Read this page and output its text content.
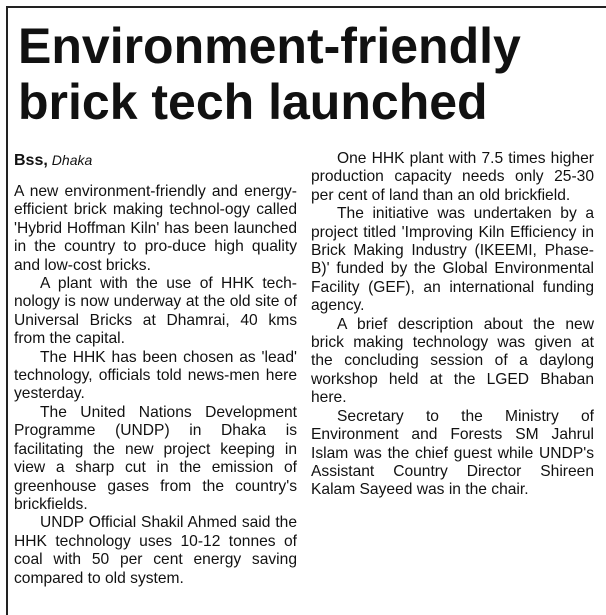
Environment-friendly
brick tech launched
Bss, Dhaka

A new environment-friendly and energy-efficient brick making technol-ogy called 'Hybrid Hoffman Kiln' has been launched in the country to pro-duce high quality and low-cost bricks.

A plant with the use of HHK tech-nology is now underway at the old site of Universal Bricks at Dhamrai, 40 kms from the capital.

The HHK has been chosen as 'lead' technology, officials told news-men here yesterday.

The United Nations Development Programme (UNDP) in Dhaka is facilitating the new project keeping in view a sharp cut in the emission of greenhouse gases from the country's brickfields.

UNDP Official Shakil Ahmed said the HHK technology uses 10-12 tonnes of coal with 50 per cent energy saving compared to old system.

One HHK plant with 7.5 times higher production capacity needs only 25-30 per cent of land than an old brickfield.

The initiative was undertaken by a project titled 'Improving Kiln Efficiency in Brick Making Industry (IKEEMI, Phase-B)' funded by the Global Environmental Facility (GEF), an international funding agency.

A brief description about the new brick making technology was given at the concluding session of a daylong workshop held at the LGED Bhaban here.

Secretary to the Ministry of Environment and Forests SM Jahrul Islam was the chief guest while UNDP's Assistant Country Director Shireen Kalam Sayeed was in the chair.
